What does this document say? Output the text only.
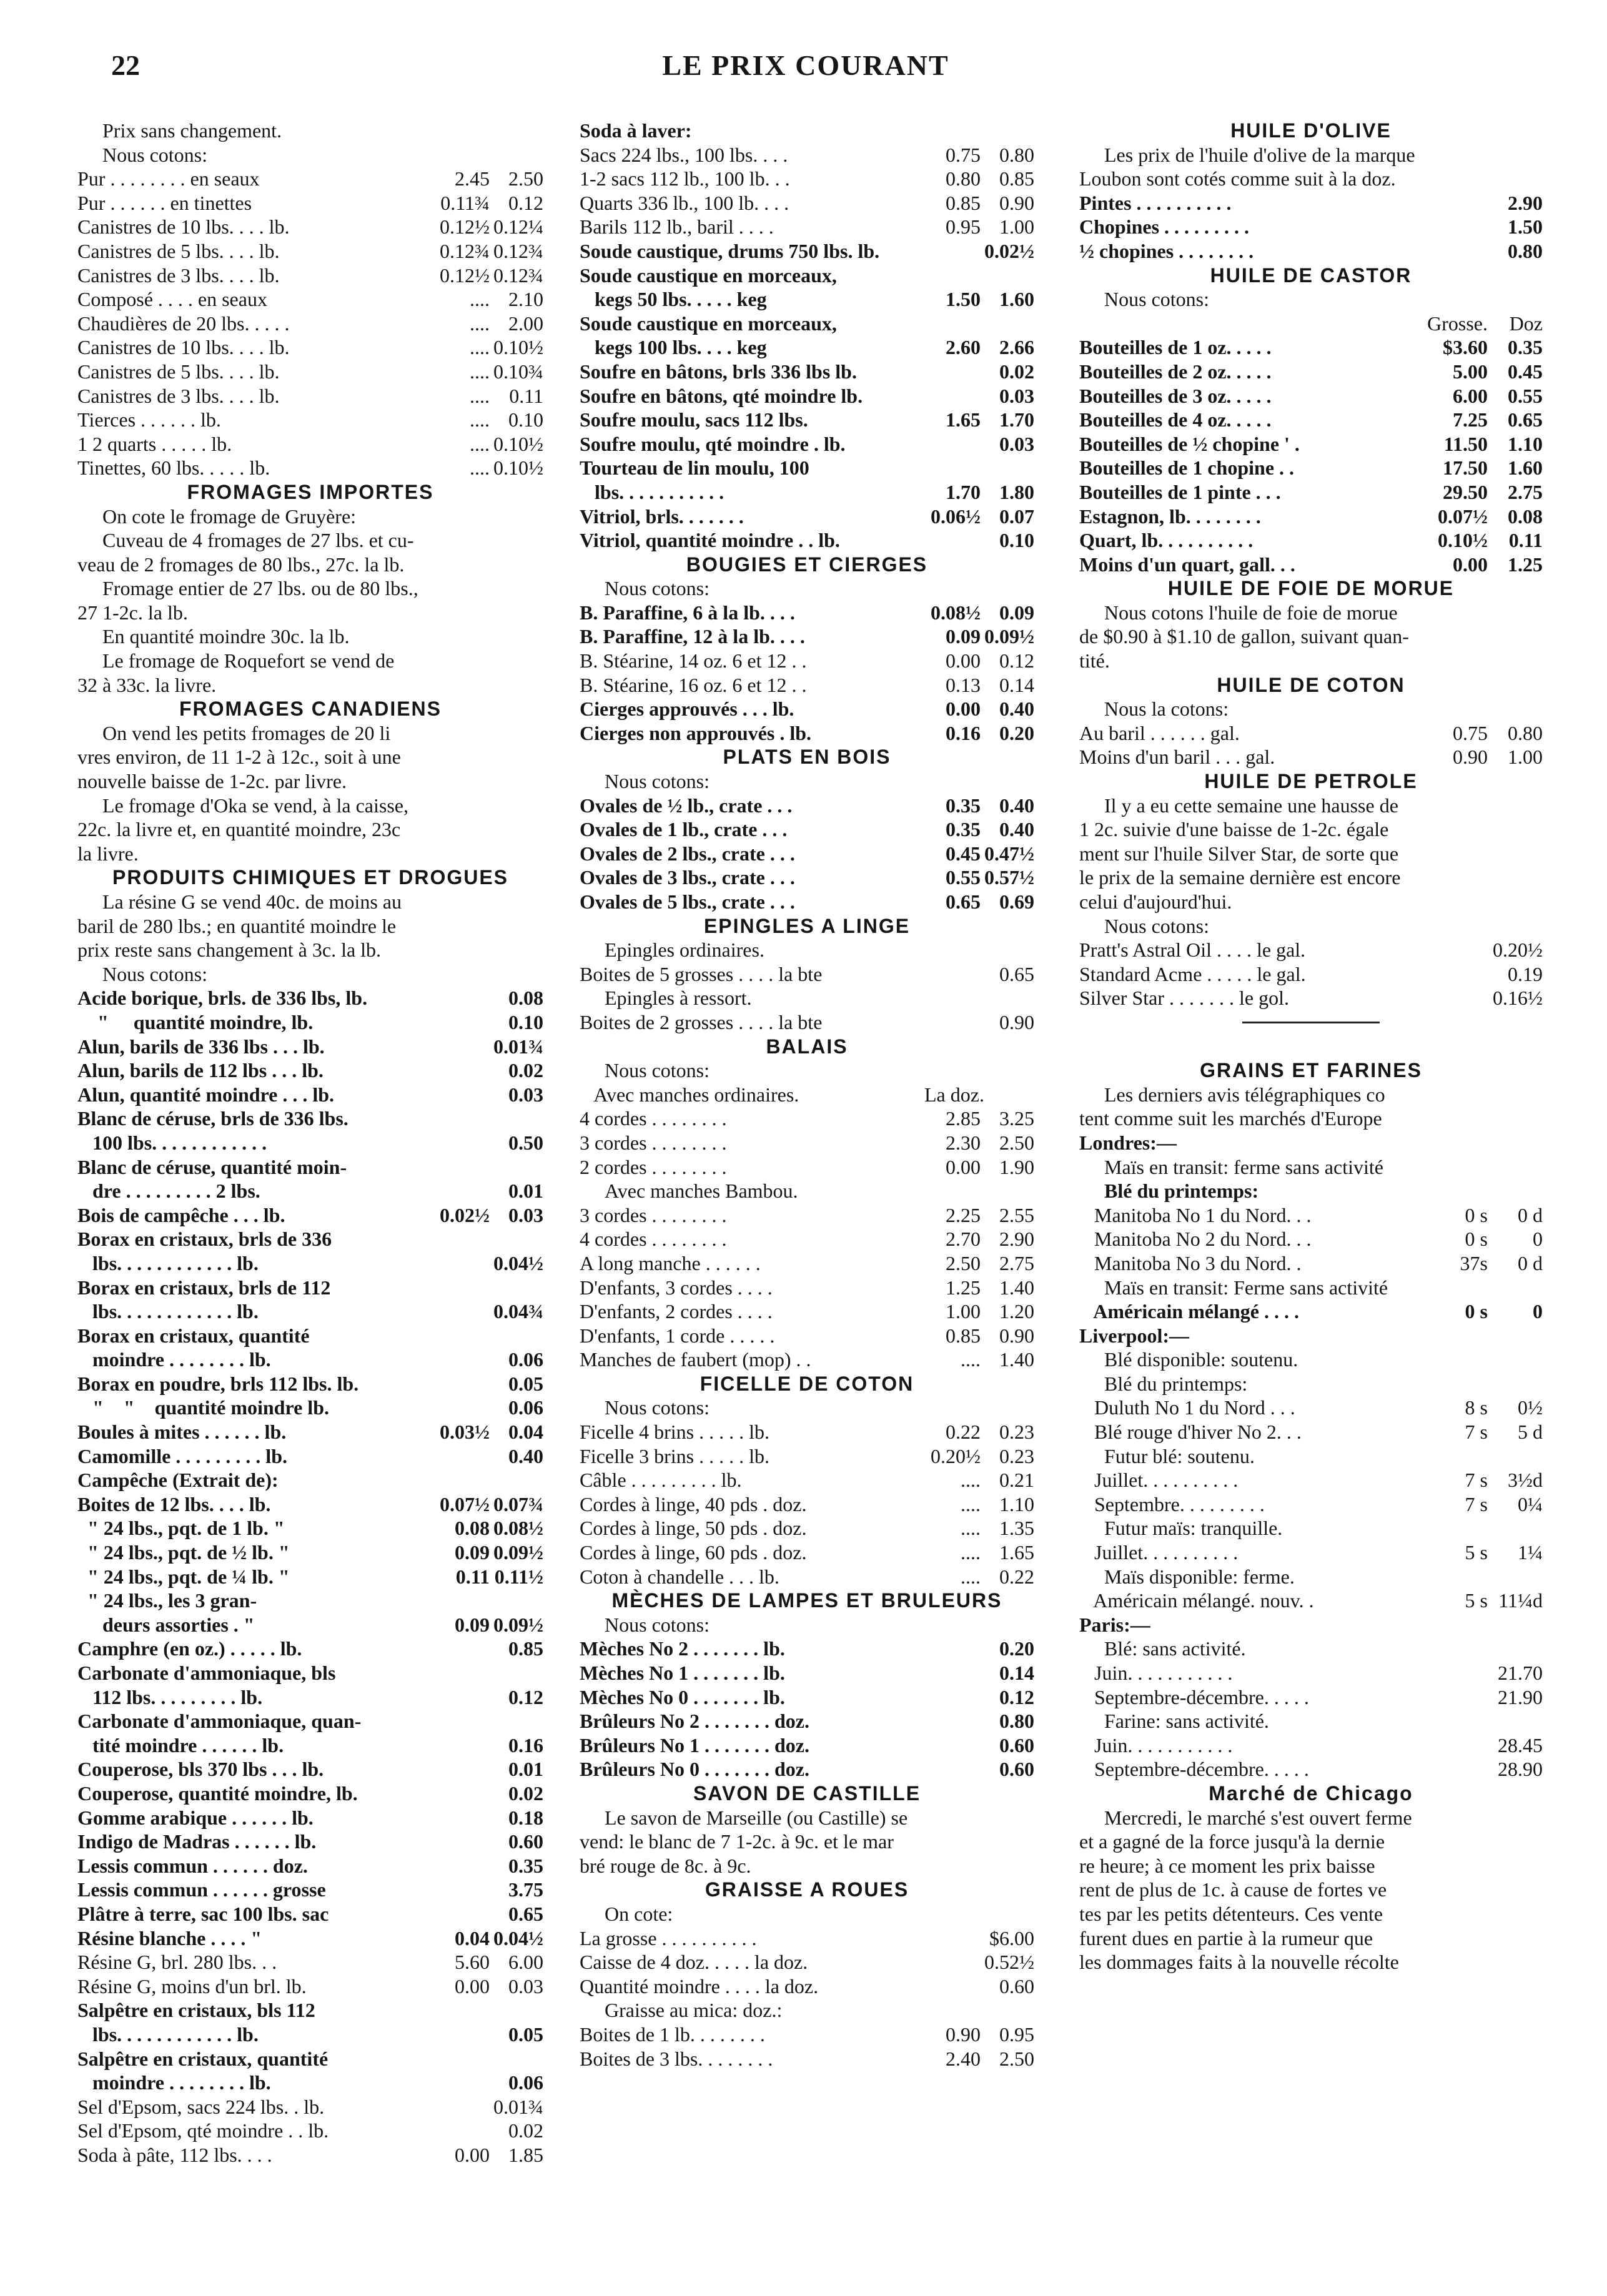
22	LE PRIX COURANT
Prix sans changement.
Nous cotons:
Pur . . . . . . . . en seaux	2.45 2.50
Pur . . . . . . en tinettes	0.11¾ 0.12
Canistres de 10 lbs. . . . lb.	0.12½ 0.12¼
Canistres de 5 lbs. . . . lb.	0.12¾ 0.12¾
Canistres de 3 lbs. . . . lb.	0.12½ 0.12¾
Composé . . . . en seaux	.... 2.10
Chaudières de 20 lbs. . . . .	.... 2.00
Canistres de 10 lbs. . . . lb.	.... 0.10½
Canistres de 5 lbs. . . . lb.	.... 0.10¾
Canistres de 3 lbs. . . . lb.	.... 0.11
Tierces . . . . . . lb.	.... 0.10
1 2 quarts . . . . . lb.	.... 0.10½
Tinettes, 60 lbs. . . . . lb.	.... 0.10½
FROMAGES IMPORTES
On cote le fromage de Gruyère:
Cuveau de 4 fromages de 27 lbs. et cu-
veau de 2 fromages de 80 lbs., 27c. la lb.
Fromage entier de 27 lbs. ou de 80 lbs.,
27 1-2c. la lb.
En quantité moindre 30c. la lb.
Le fromage de Roquefort se vend de
32 à 33c. la livre.
FROMAGES CANADIENS
On vend les petits fromages de 20 li
vres environ, de 11 1-2 à 12c., soit à une
nouvelle baisse de 1-2c. par livre.
Le fromage d'Oka se vend, à la caisse,
22c. la livre et, en quantité moindre, 23c
la livre.
PRODUITS CHIMIQUES ET DROGUES
La résine G se vend 40c. de moins au
baril de 280 lbs.; en quantité moindre le
prix reste sans changement à 3c. la lb.
Nous cotons:
Acide borique, brls. de 336 lbs, lb.	0.08
"     quantité moindre, lb.	0.10
Alun, barils de 336 lbs . . . lb.	0.01¾
Alun, barils de 112 lbs . . . lb.	0.02
Alun, quantité moindre . . . lb.	0.03
Blanc de céruse, brls de 336 lbs.
100 lbs. . . . . . . . . . . .	0.50
Blanc de céruse, quantité moin-
dre . . . . . . . . . 2 lbs.	0.01
Bois de campêche . . . lb.	0.02½ 0.03
Borax en cristaux, brls de 336
lbs. . . . . . . . . . . . lb.	0.04½
Borax en cristaux, brls de 112
lbs. . . . . . . . . . . . lb.	0.04¾
Borax en cristaux, quantité
moindre . . . . . . . . lb.	0.06
Borax en poudre, brls 112 lbs. lb.	0.05
"    "    quantité moindre lb.	0.06
Boules à mites . . . . . . lb.	0.03½ 0.04
Camomille . . . . . . . . . lb.	0.40
Campêche (Extrait de):
Boites de 12 lbs. . . . lb.	0.07½ 0.07¾
" 24 lbs., pqt. de 1 lb. "	0.08 0.08½
" 24 lbs., pqt. de ½ lb. "	0.09 0.09½
" 24 lbs., pqt. de ¼ lb. "	0.11 0.11½
" 24 lbs., les 3 gran-
deurs assorties . "	0.09 0.09½
Camphre (en oz.) . . . . . lb.	0.85
Carbonate d'ammoniaque, bls
112 lbs. . . . . . . . . lb.	0.12
Carbonate d'ammoniaque, quan-
tité moindre . . . . . . lb.	0.16
Couperose, bls 370 lbs . . . lb.	0.01
Couperose, quantité moindre, lb.	0.02
Gomme arabique . . . . . . lb.	0.18
Indigo de Madras . . . . . . lb.	0.60
Lessis commun . . . . . . doz.	0.35
Lessis commun . . . . . . grosse	3.75
Plâtre à terre, sac 100 lbs. sac	0.65
Résine blanche . . . . "	0.04 0.04½
Résine G, brl. 280 lbs. . .	5.60 6.00
Résine G, moins d'un brl. lb.	0.00 0.03
Salpêtre en cristaux, bls 112
lbs. . . . . . . . . . . . lb.	0.05
Salpêtre en cristaux, quantité
moindre . . . . . . . . lb.	0.06
Sel d'Epsom, sacs 224 lbs. . lb.	0.01¾
Sel d'Epsom, qté moindre . . lb.	0.02
Soda à pâte, 112 lbs. . . .	0.00 1.85
Soda à laver:
Sacs 224 lbs., 100 lbs. . . .	0.75 0.80
1-2 sacs 112 lb., 100 lb. . .	0.80 0.85
Quarts 336 lb., 100 lb. . . .	0.85 0.90
Barils 112 lb., baril . . . .	0.95 1.00
Soude caustique, drums 750 lbs. lb.	0.02½
Soude caustique en morceaux,
kegs 50 lbs. . . . . keg	1.50 1.60
Soude caustique en morceaux,
kegs 100 lbs. . . . keg	2.60 2.66
Soufre en bâtons, brls 336 lbs lb.	0.02
Soufre en bâtons, qté moindre lb.	0.03
Soufre moulu, sacs 112 lbs.	1.65 1.70
Soufre moulu, qté moindre . lb.	0.03
Tourteau de lin moulu, 100
lbs. . . . . . . . . . .	1.70 1.80
Vitriol, brls. . . . . . .	0.06½ 0.07
Vitriol, quantité moindre . . lb.	0.10
BOUGIES ET CIERGES
Nous cotons:
B. Paraffine, 6 à la lb. . . .	0.08½ 0.09
B. Paraffine, 12 à la lb. . . .	0.09 0.09½
B. Stéarine, 14 oz. 6 et 12 . .	0.00 0.12
B. Stéarine, 16 oz. 6 et 12 . .	0.13 0.14
Cierges approuvés . . . lb.	0.00 0.40
Cierges non approuvés . lb.	0.16 0.20
PLATS EN BOIS
Nous cotons:
Ovales de ½ lb., crate . . .	0.35 0.40
Ovales de 1 lb., crate . . .	0.35 0.40
Ovales de 2 lbs., crate . . .	0.45 0.47½
Ovales de 3 lbs., crate . . .	0.55 0.57½
Ovales de 5 lbs., crate . . .	0.65 0.69
EPINGLES A LINGE
Epingles ordinaires.
Boites de 5 grosses . . . . la bte	0.65
Epingles à ressort.
Boites de 2 grosses . . . . la bte	0.90
BALAIS
Nous cotons:
Avec manches ordinaires.	La doz.
4 cordes . . . . . . . .	2.85 3.25
3 cordes . . . . . . . .	2.30 2.50
2 cordes . . . . . . . .	0.00 1.90
Avec manches Bambou.
3 cordes . . . . . . . .	2.25 2.55
4 cordes . . . . . . . .	2.70 2.90
A long manche . . . . . .	2.50 2.75
D'enfants, 3 cordes . . . .	1.25 1.40
D'enfants, 2 cordes . . . .	1.00 1.20
D'enfants, 1 corde . . . . .	0.85 0.90
Manches de faubert (mop) . .	.... 1.40
FICELLE DE COTON
Nous cotons:
Ficelle 4 brins . . . . . lb.	0.22 0.23
Ficelle 3 brins . . . . . lb.	0.20½ 0.23
Câble . . . . . . . . . lb.	.... 0.21
Cordes à linge, 40 pds . doz.	.... 1.10
Cordes à linge, 50 pds . doz.	.... 1.35
Cordes à linge, 60 pds . doz.	.... 1.65
Coton à chandelle . . . lb.	.... 0.22
MÈCHES DE LAMPES ET BRULEURS
Nous cotons:
Mèches No 2 . . . . . . . lb.	0.20
Mèches No 1 . . . . . . . lb.	0.14
Mèches No 0 . . . . . . . lb.	0.12
Brûleurs No 2 . . . . . . . doz.	0.80
Brûleurs No 1 . . . . . . . doz.	0.60
Brûleurs No 0 . . . . . . . doz.	0.60
SAVON DE CASTILLE
Le savon de Marseille (ou Castille) se
vend: le blanc de 7 1-2c. à 9c. et le mar
bré rouge de 8c. à 9c.
GRAISSE A ROUES
On cote:
La grosse . . . . . . . . . .	$6.00
Caisse de 4 doz. . . . . la doz.	0.52½
Quantité moindre . . . . la doz.	0.60
Graisse au mica: doz.:
Boites de 1 lb. . . . . . . .	0.90 0.95
Boites de 3 lbs. . . . . . . .	2.40 2.50
HUILE D'OLIVE
Les prix de l'huile d'olive de la marque
Loubon sont cotés comme suit à la doz.
Pintes . . . . . . . . . .	2.90
Chopines . . . . . . . . .	1.50
½ chopines . . . . . . . .	0.80
HUILE DE CASTOR
Nous cotons:
Grosse.	Doz
Bouteilles de 1 oz. . . . .	$3.60	0.35
Bouteilles de 2 oz. . . . .	5.00	0.45
Bouteilles de 3 oz. . . . .	6.00	0.55
Bouteilles de 4 oz. . . . .	7.25	0.65
Bouteilles de ½ chopine ' .	11.50	1.10
Bouteilles de 1 chopine . .	17.50	1.60
Bouteilles de 1 pinte . . .	29.50	2.75
Estagnon, lb. . . . . . . .	0.07½	0.08
Quart, lb. . . . . . . . . .	0.10½	0.11
Moins d'un quart, gall. . .	0.00	1.25
HUILE DE FOIE DE MORUE
Nous cotons l'huile de foie de morue
de $0.90 à $1.10 de gallon, suivant quan-
tité.
HUILE DE COTON
Nous la cotons:
Au baril . . . . . . gal.	0.75	0.80
Moins d'un baril . . . gal.	0.90	1.00
HUILE DE PETROLE
Il y a eu cette semaine une hausse de
1 2c. suivie d'une baisse de 1-2c. égale
ment sur l'huile Silver Star, de sorte que
le prix de la semaine dernière est encore
celui d'aujourd'hui.
Nous cotons:
Pratt's Astral Oil . . . . le gal.	0.20½
Standard Acme . . . . . le gal.	0.19
Silver Star . . . . . . . le gol.	0.16½
GRAINS ET FARINES
Les derniers avis télégraphiques co
tent comme suit les marchés d'Europe
Londres:—
Maïs en transit: ferme sans activité
Blé du printemps:
Manitoba No 1 du Nord. . .	0 s	0 d
Manitoba No 2 du Nord. . .	0 s	0
Manitoba No 3 du Nord. .	37s	0 d
Maïs en transit: Ferme sans activité
Américain mélangé . . . .	0 s	0
Liverpool:—
Blé disponible: soutenu.
Blé du printemps:
Duluth No 1 du Nord . . .	8 s	0½
Blé rouge d'hiver No 2. . .	7 s	5 d
Futur blé: soutenu.
Juillet. . . . . . . . . .	7 s	3½d
Septembre. . . . . . . . .	7 s	0¼
Futur maïs: tranquille.
Juillet. . . . . . . . . .	5 s	1¼
Maïs disponible: ferme.
Américain mélangé. nouv. .	5 s 11¼d
Paris:—
Blé: sans activité.
Juin. . . . . . . . . . .	21.70
Septembre-décembre. . . . .	21.90
Farine: sans activité.
Juin. . . . . . . . . . .	28.45
Septembre-décembre. . . . .	28.90
Marché de Chicago
Mercredi, le marché s'est ouvert ferme
et a gagné de la force jusqu'à la dernie
re heure; à ce moment les prix baisse
rent de plus de 1c. à cause de fortes ve
tes par les petits détenteurs. Ces vente
furent dues en partie à la rumeur que
les dommages faits à la nouvelle récolte
